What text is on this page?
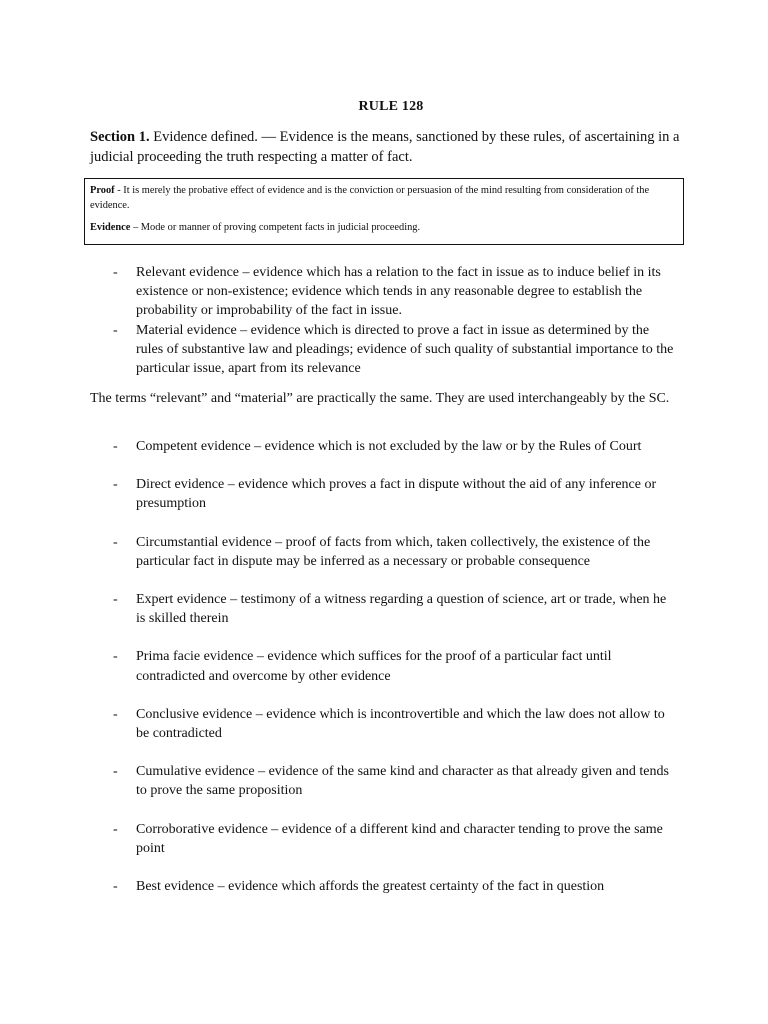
RULE 128
Section 1. Evidence defined. — Evidence is the means, sanctioned by these rules, of ascertaining in a judicial proceeding the truth respecting a matter of fact.

Proof - It is merely the probative effect of evidence and is the conviction or persuasion of the mind resulting from consideration of the evidence.

Evidence – Mode or manner of proving competent facts in judicial proceeding.

- Relevant evidence – evidence which has a relation to the fact in issue as to induce belief in its existence or non-existence; evidence which tends in any reasonable degree to establish the probability or improbability of the fact in issue.
- Material evidence – evidence which is directed to prove a fact in issue as determined by the rules of substantive law and pleadings; evidence of such quality of substantial importance to the particular issue, apart from its relevance
The terms “relevant” and “material” are practically the same. They are used interchangeably by the SC.
- Competent evidence – evidence which is not excluded by the law or by the Rules of Court
- Direct evidence – evidence which proves a fact in dispute without the aid of any inference or presumption
- Circumstantial evidence – proof of facts from which, taken collectively, the existence of the particular fact in dispute may be inferred as a necessary or probable consequence
- Expert evidence – testimony of a witness regarding a question of science, art or trade, when he is skilled therein
- Prima facie evidence – evidence which suffices for the proof of a particular fact until contradicted and overcome by other evidence
- Conclusive evidence – evidence which is incontrovertible and which the law does not allow to be contradicted
- Cumulative evidence – evidence of the same kind and character as that already given and tends to prove the same proposition
- Corroborative evidence – evidence of a different kind and character tending to prove the same point
- Best evidence – evidence which affords the greatest certainty of the fact in question
